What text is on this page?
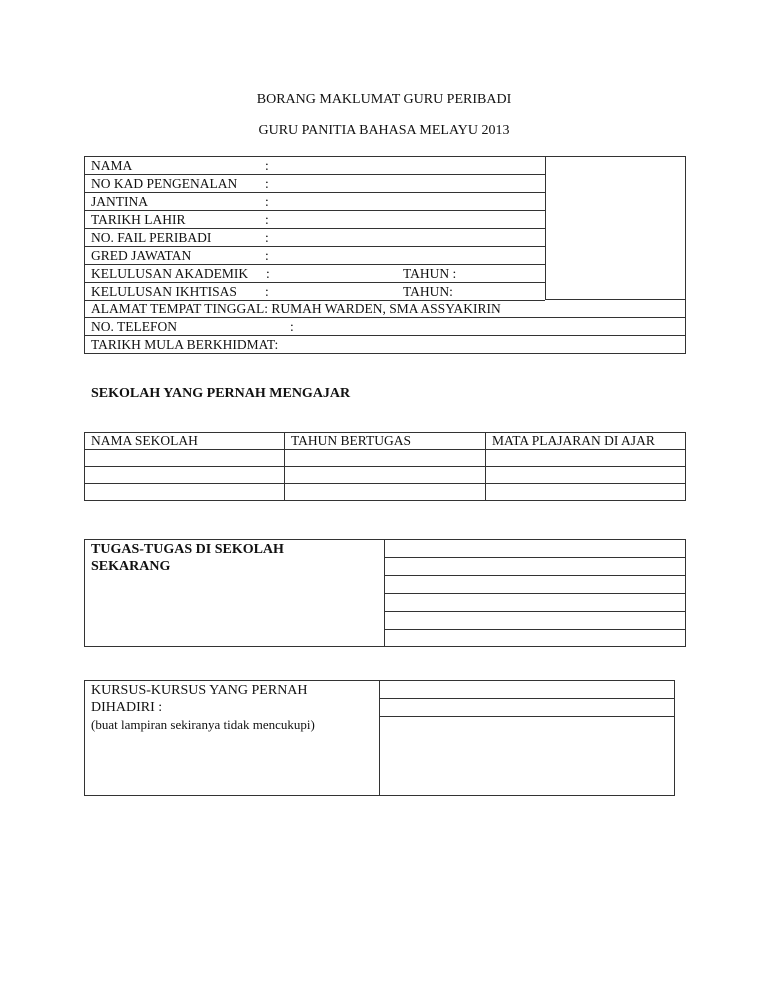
BORANG MAKLUMAT GURU PERIBADI
GURU PANITIA BAHASA MELAYU 2013
NAMA	:
NO KAD PENGENALAN :
JANTINA	:
TARIKH LAHIR	:
NO. FAIL PERIBADI	:
GRED JAWATAN	:
KELULUSAN AKADEMIK :	TAHUN :
KELULUSAN IKHTISAS :	TAHUN:
ALAMAT TEMPAT TINGGAL: RUMAH WARDEN, SMA ASSYAKIRIN
NO. TELEFON	:
TARIKH MULA BERKHIDMAT:
SEKOLAH YANG PERNAH MENGAJAR
NAMA SEKOLAH	TAHUN BERTUGAS	MATA PLAJARAN DI AJAR

TUGAS-TUGAS DI SEKOLAH SEKARANG
KURSUS-KURSUS YANG PERNAH DIHADIRI :
(buat lampiran sekiranya tidak mencukupi)
